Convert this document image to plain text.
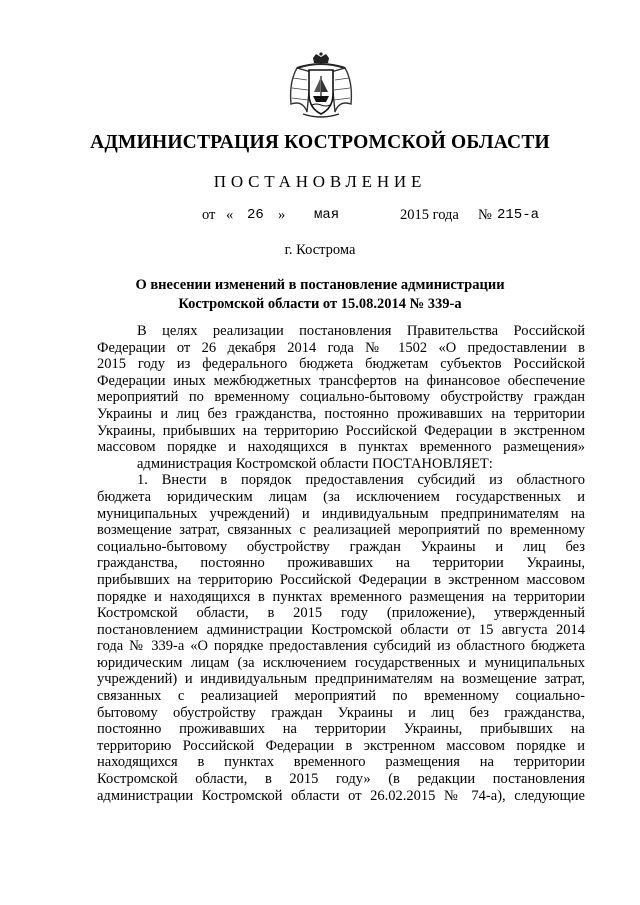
АДМИНИСТРАЦИЯ КОСТРОМСКОЙ ОБЛАСТИ
ПОСТАНОВЛЕНИЕ
от « 26 » мая	2015 года № 215-а
г. Кострома
О внесении изменений в постановление администрации
Костромской области от 15.08.2014 № 339-а
В целях реализации постановления Правительства Российской
Федерации от 26 декабря 2014 года № 1502 «О предоставлении в
2015 году из федерального бюджета бюджетам субъектов Российской
Федерации иных межбюджетных трансфертов на финансовое обеспечение
мероприятий по временному социально-бытовому обустройству граждан
Украины и лиц без гражданства, постоянно проживавших на территории
Украины, прибывших на территорию Российской Федерации в экстренном
массовом порядке и находящихся в пунктах временного размещения»
администрация Костромской области ПОСТАНОВЛЯЕТ:
1. Внести в порядок предоставления субсидий из областного
бюджета юридическим лицам (за исключением государственных и
муниципальных учреждений) и индивидуальным предпринимателям на
возмещение затрат, связанных с реализацией мероприятий по временному
социально-бытовому обустройству граждан Украины и лиц без
гражданства, постоянно проживавших на территории Украины,
прибывших на территорию Российской Федерации в экстренном массовом
порядке и находящихся в пунктах временного размещения на территории
Костромской области, в 2015 году (приложение), утвержденный
постановлением администрации Костромской области от 15 августа 2014
года № 339-а «О порядке предоставления субсидий из областного бюджета
юридическим лицам (за исключением государственных и муниципальных
учреждений) и индивидуальным предпринимателям на возмещение затрат,
связанных с реализацией мероприятий по временному социально-
бытовому обустройству граждан Украины и лиц без гражданства,
постоянно проживавших на территории Украины, прибывших на
территорию Российской Федерации в экстренном массовом порядке и
находящихся в пунктах временного размещения на территории
Костромской области, в 2015 году» (в редакции постановления
администрации Костромской области от 26.02.2015 № 74-а), следующие
